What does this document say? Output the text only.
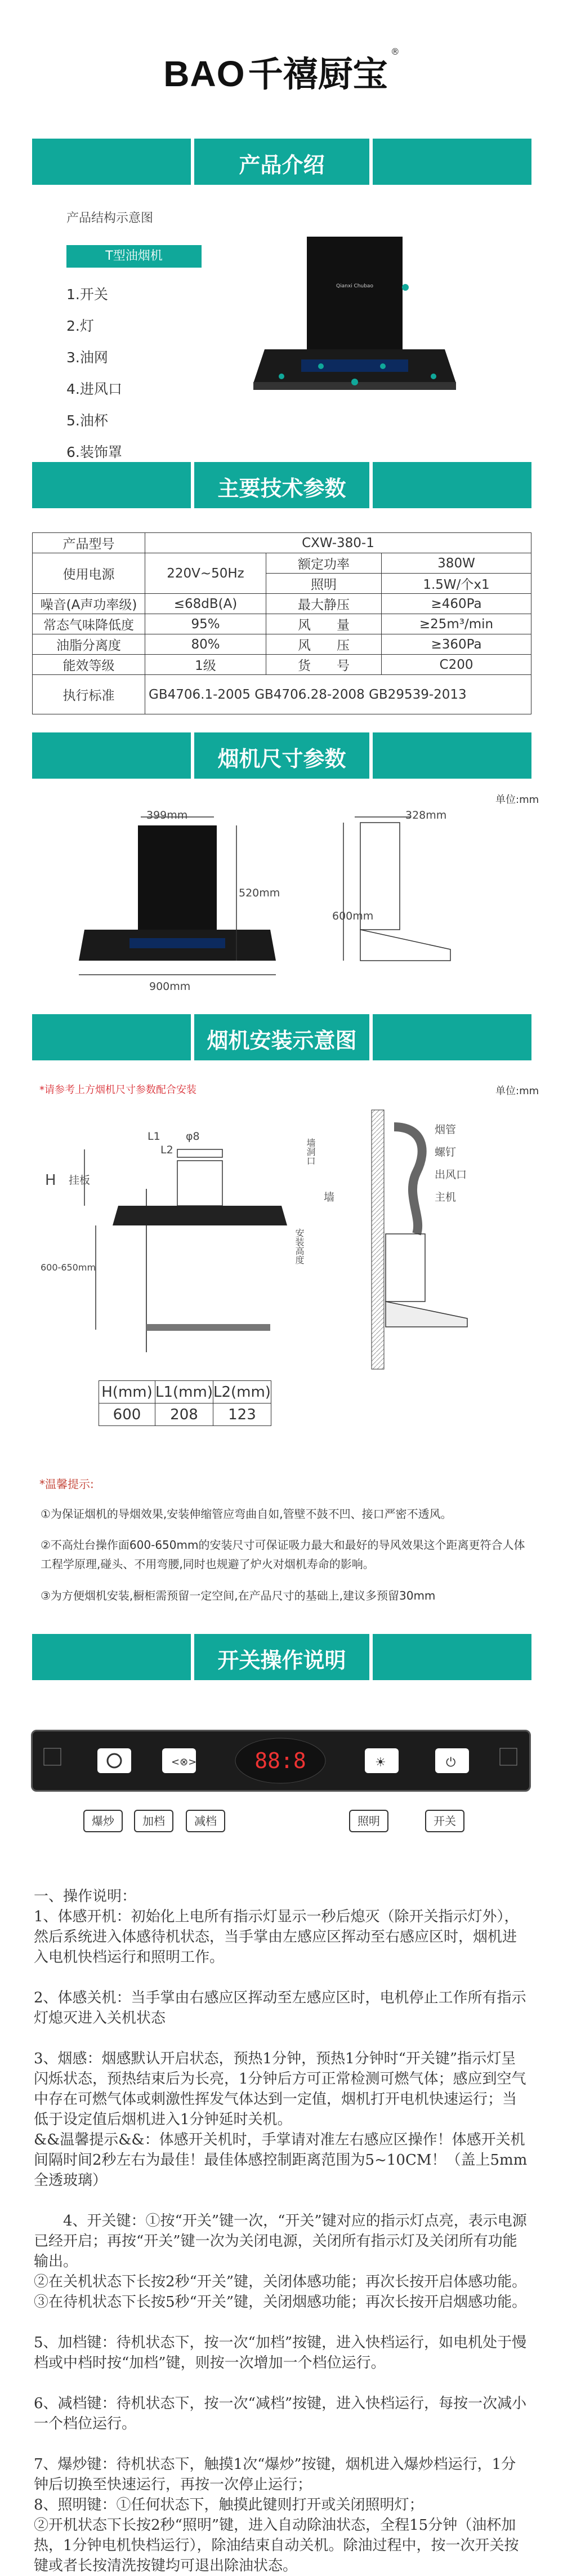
BAO 千禧厨宝 ®
产品介绍
产品结构示意图
T型油烟机
1.开关
2.灯
3.油网
4.进风口
5.油杯
6.装饰罩
Qianxi Chubao
主要技术参数
产品型号	CXW-380-1		
使用电源	220V~50Hz	额定功率	380W
		照明	1.5W/个x1
噪音(A声功率级)	≤68dB(A)	最大静压	≥460Pa
常态气味降低度	95%	风　　量	≥25m³/min
油脂分离度	80%	风　　压	≥360Pa
能效等级	1级	货　　号	C200
执行标准	GB4706.1-2005 GB4706.28-2008 GB29539-2013		
烟机尺寸参数
单位:mm
399mm
520mm
900mm
328mm
600mm
烟机安装示意图
*请参考上方烟机尺寸参数配合安装	单位:mm
L1
L2
φ8
H 挂板
600-650mm
烟管
螺钉
出风口
主机
墙
墙洞口
安装高度
H(mm)	L1(mm)	L2(mm)
600	208	123
*温馨提示:
①为保证烟机的导烟效果,安装伸缩管应弯曲自如,管壁不鼓不凹、接口严密不透风。
②不高灶台操作面600-650mm的安装尺寸可保证吸力最大和最好的导风效果这个距离更符合人体工程学原理,碰头、不用弯腰,同时也规避了炉火对烟机寿命的影响。
③为方便烟机安装,橱柜需预留一定空间,在产品尺寸的基础上,建议多预留30mm
开关操作说明
<⊗>	88:8	☀	⏻
爆炒	加档	减档	照明	开关
一、操作说明：
1、体感开机：初始化上电所有指示灯显示一秒后熄灭（除开关指示灯外），然后系统进入体感待机状态，当手掌由左感应区挥动至右感应区时，烟机进入电机快档运行和照明工作。

2、体感关机：当手掌由右感应区挥动至左感应区时，电机停止工作所有指示灯熄灭进入关机状态

3、烟感：烟感默认开启状态，预热1分钟，预热1分钟时“开关键”指示灯呈闪烁状态，预热结束后为长亮，1分钟后方可正常检测可燃气体；感应到空气中存在可燃气体或刺激性挥发气体达到一定值，烟机打开电机快速运行；当低于设定值后烟机进入1分钟延时关机。
&&温馨提示&&：体感开关机时，手掌请对准左右感应区操作！体感开关机间隔时间2秒左右为最佳！最佳体感控制距离范围为5~10CM！（盖上5mm全透玻璃）

　　4、开关键：①按“开关”键一次，“开关”键对应的指示灯点亮，表示电源已经开启；再按“开关”键一次为关闭电源，关闭所有指示灯及关闭所有功能输出。
②在关机状态下长按2秒“开关”键，关闭体感功能；再次长按开启体感功能。
③在待机状态下长按5秒“开关”键，关闭烟感功能；再次长按开启烟感功能。

5、加档键：待机状态下，按一次“加档”按键，进入快档运行，如电机处于慢档或中档时按“加档”键，则按一次增加一个档位运行。

6、减档键：待机状态下，按一次“减档”按键，进入快档运行，每按一次减小一个档位运行。

7、爆炒键：待机状态下，触摸1次“爆炒”按键，烟机进入爆炒档运行，1分钟后切换至快速运行，再按一次停止运行；
8、照明键：①任何状态下，触摸此键则打开或关闭照明灯；
②开机状态下长按2秒“照明”键，进入自动除油状态，全程15分钟（油杯加热，1分钟电机快档运行），除油结束自动关机。除油过程中，按一次开关按键或者长按清洗按键均可退出除油状态。
